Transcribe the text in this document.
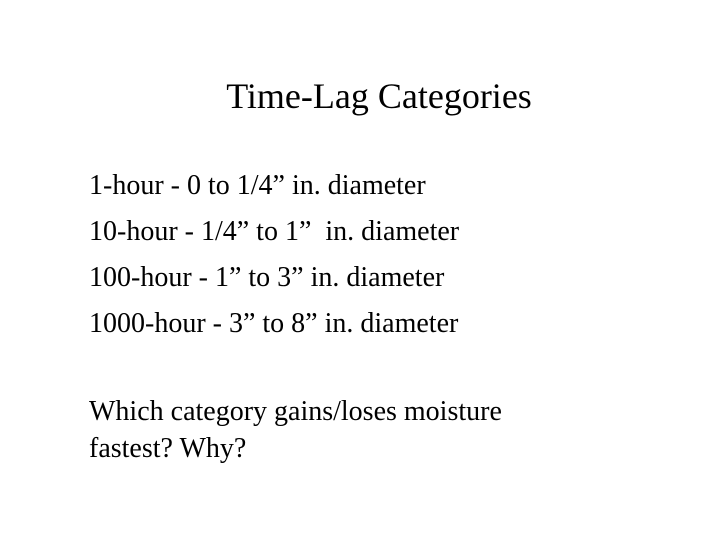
Time-Lag Categories
1-hour - 0 to 1/4” in. diameter
10-hour - 1/4” to 1”  in. diameter
100-hour - 1” to 3” in. diameter
1000-hour - 3” to 8” in. diameter

Which category gains/loses moisture
fastest? Why?
